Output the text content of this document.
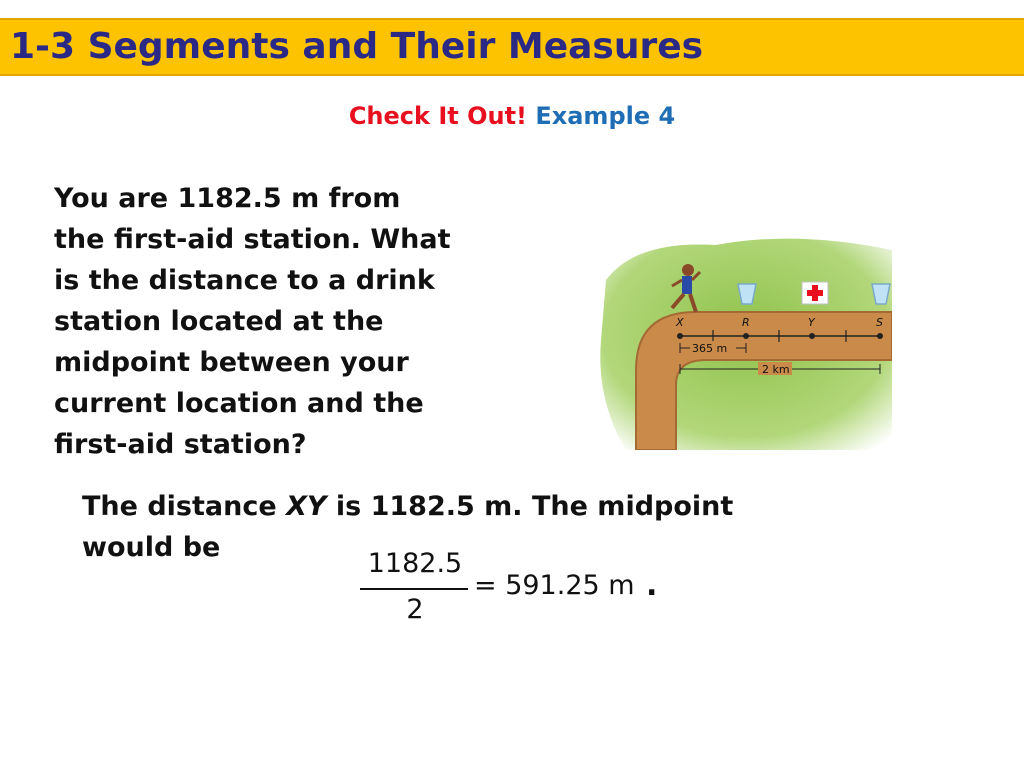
1-3 Segments and Their Measures
Check It Out! Example 4
You are 1182.5 m from
the first-aid station. What
is the distance to a drink
station located at the
midpoint between your
current location and the
first-aid station?
X	R	Y	S
365 m
2 km
The distance XY is 1182.5 m. The midpoint
would be
1182.5
2
= 591.25 m .
